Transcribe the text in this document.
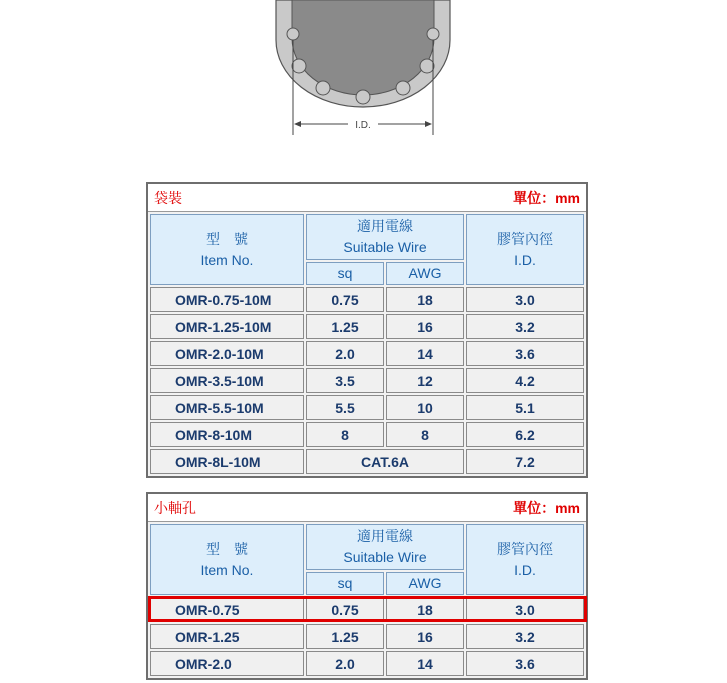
I.D.
袋裝	單位：mm
型　號
Item No.
適用電線
Suitable Wire
膠管內徑
I.D.
sq	AWG
OMR-0.75-10M	0.75	18	3.0
OMR-1.25-10M	1.25	16	3.2
OMR-2.0-10M	2.0	14	3.6
OMR-3.5-10M	3.5	12	4.2
OMR-5.5-10M	5.5	10	5.1
OMR-8-10M	8	8	6.2
OMR-8L-10M	CAT.6A	7.2
小軸孔	單位：mm
型　號
Item No.
適用電線
Suitable Wire
膠管內徑
I.D.
sq	AWG
OMR-0.75	0.75	18	3.0
OMR-1.25	1.25	16	3.2
OMR-2.0	2.0	14	3.6
